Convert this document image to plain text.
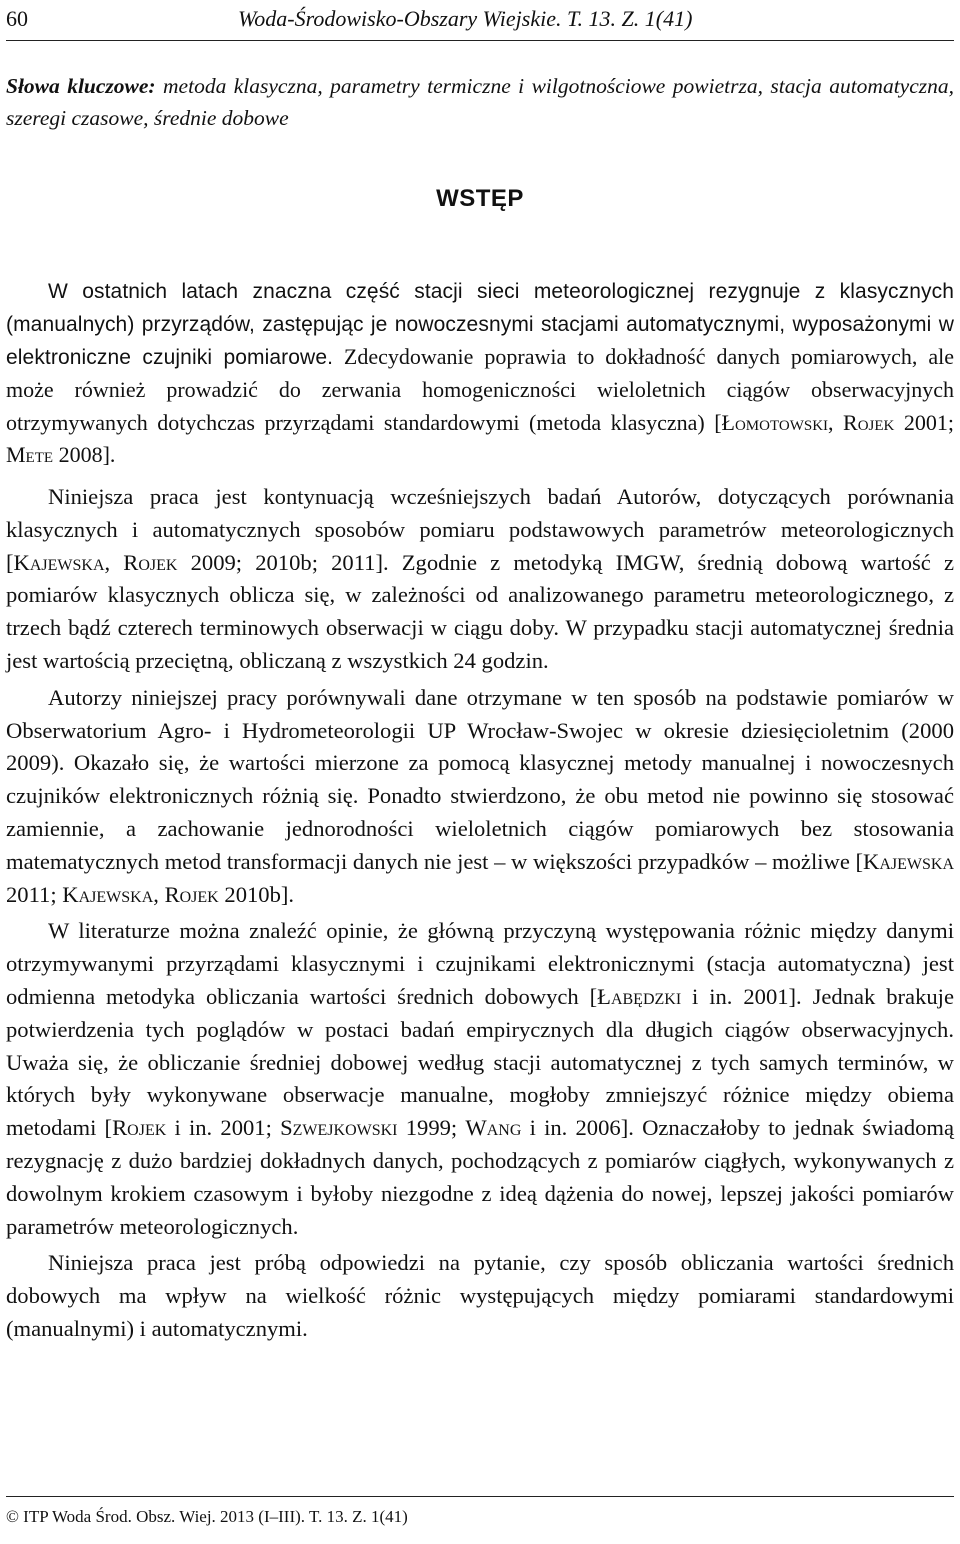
60	Woda-Środowisko-Obszary Wiejskie. T. 13. Z. 1(41)
Słowa kluczowe: metoda klasyczna, parametry termiczne i wilgotnościowe powietrza, stacja automatyczna, szeregi czasowe, średnie dobowe
WSTĘP

W ostatnich latach znaczna część stacji sieci meteorologicznej rezygnuje z klasycznych (manualnych) przyrządów, zastępując je nowoczesnymi stacjami automatycznymi, wyposażonymi w elektroniczne czujniki pomiarowe. Zdecydowanie poprawia to dokładność danych pomiarowych, ale może również prowadzić do zerwania homogeniczności wieloletnich ciągów obserwacyjnych otrzymywanych dotychczas przyrządami standardowymi (metoda klasyczna) [Łomotowski, Rojek 2001; Mete 2008].

Niniejsza praca jest kontynuacją wcześniejszych badań Autorów, dotyczących porównania klasycznych i automatycznych sposobów pomiaru podstawowych parametrów meteorologicznych [Kajewska, Rojek 2009; 2010b; 2011]. Zgodnie z metodyką IMGW, średnią dobową wartość z pomiarów klasycznych oblicza się, w zależności od analizowanego parametru meteorologicznego, z trzech bądź czterech terminowych obserwacji w ciągu doby. W przypadku stacji automatycznej średnia jest wartością przeciętną, obliczaną z wszystkich 24 godzin.

Autorzy niniejszej pracy porównywali dane otrzymane w ten sposób na podstawie pomiarów w Obserwatorium Agro- i Hydrometeorologii UP Wrocław-Swojec w okresie dziesięcioletnim (2000 2009). Okazało się, że wartości mierzone za pomocą klasycznej metody manualnej i nowoczesnych czujników elektronicznych różnią się. Ponadto stwierdzono, że obu metod nie powinno się stosować zamiennie, a zachowanie jednorodności wieloletnich ciągów pomiarowych bez stosowania matematycznych metod transformacji danych nie jest – w większości przypadków – możliwe [Kajewska 2011; Kajewska, Rojek 2010b].

W literaturze można znaleźć opinie, że główną przyczyną występowania różnic między danymi otrzymywanymi przyrządami klasycznymi i czujnikami elektronicznymi (stacja automatyczna) jest odmienna metodyka obliczania wartości średnich dobowych [Łabędzki i in. 2001]. Jednak brakuje potwierdzenia tych poglądów w postaci badań empirycznych dla długich ciągów obserwacyjnych. Uważa się, że obliczanie średniej dobowej według stacji automatycznej z tych samych terminów, w których były wykonywane obserwacje manualne, mogłoby zmniejszyć różnice między obiema metodami [Rojek i in. 2001; Szwejkowski 1999; Wang i in. 2006]. Oznaczałoby to jednak świadomą rezygnację z dużo bardziej dokładnych danych, pochodzących z pomiarów ciągłych, wykonywanych z dowolnym krokiem czasowym i byłoby niezgodne z ideą dążenia do nowej, lepszej jakości pomiarów parametrów meteorologicznych.

Niniejsza praca jest próbą odpowiedzi na pytanie, czy sposób obliczania wartości średnich dobowych ma wpływ na wielkość różnic występujących między pomiarami standardowymi (manualnymi) i automatycznymi.

© ITP Woda Środ. Obsz. Wiej. 2013 (I–III). T. 13. Z. 1(41)
